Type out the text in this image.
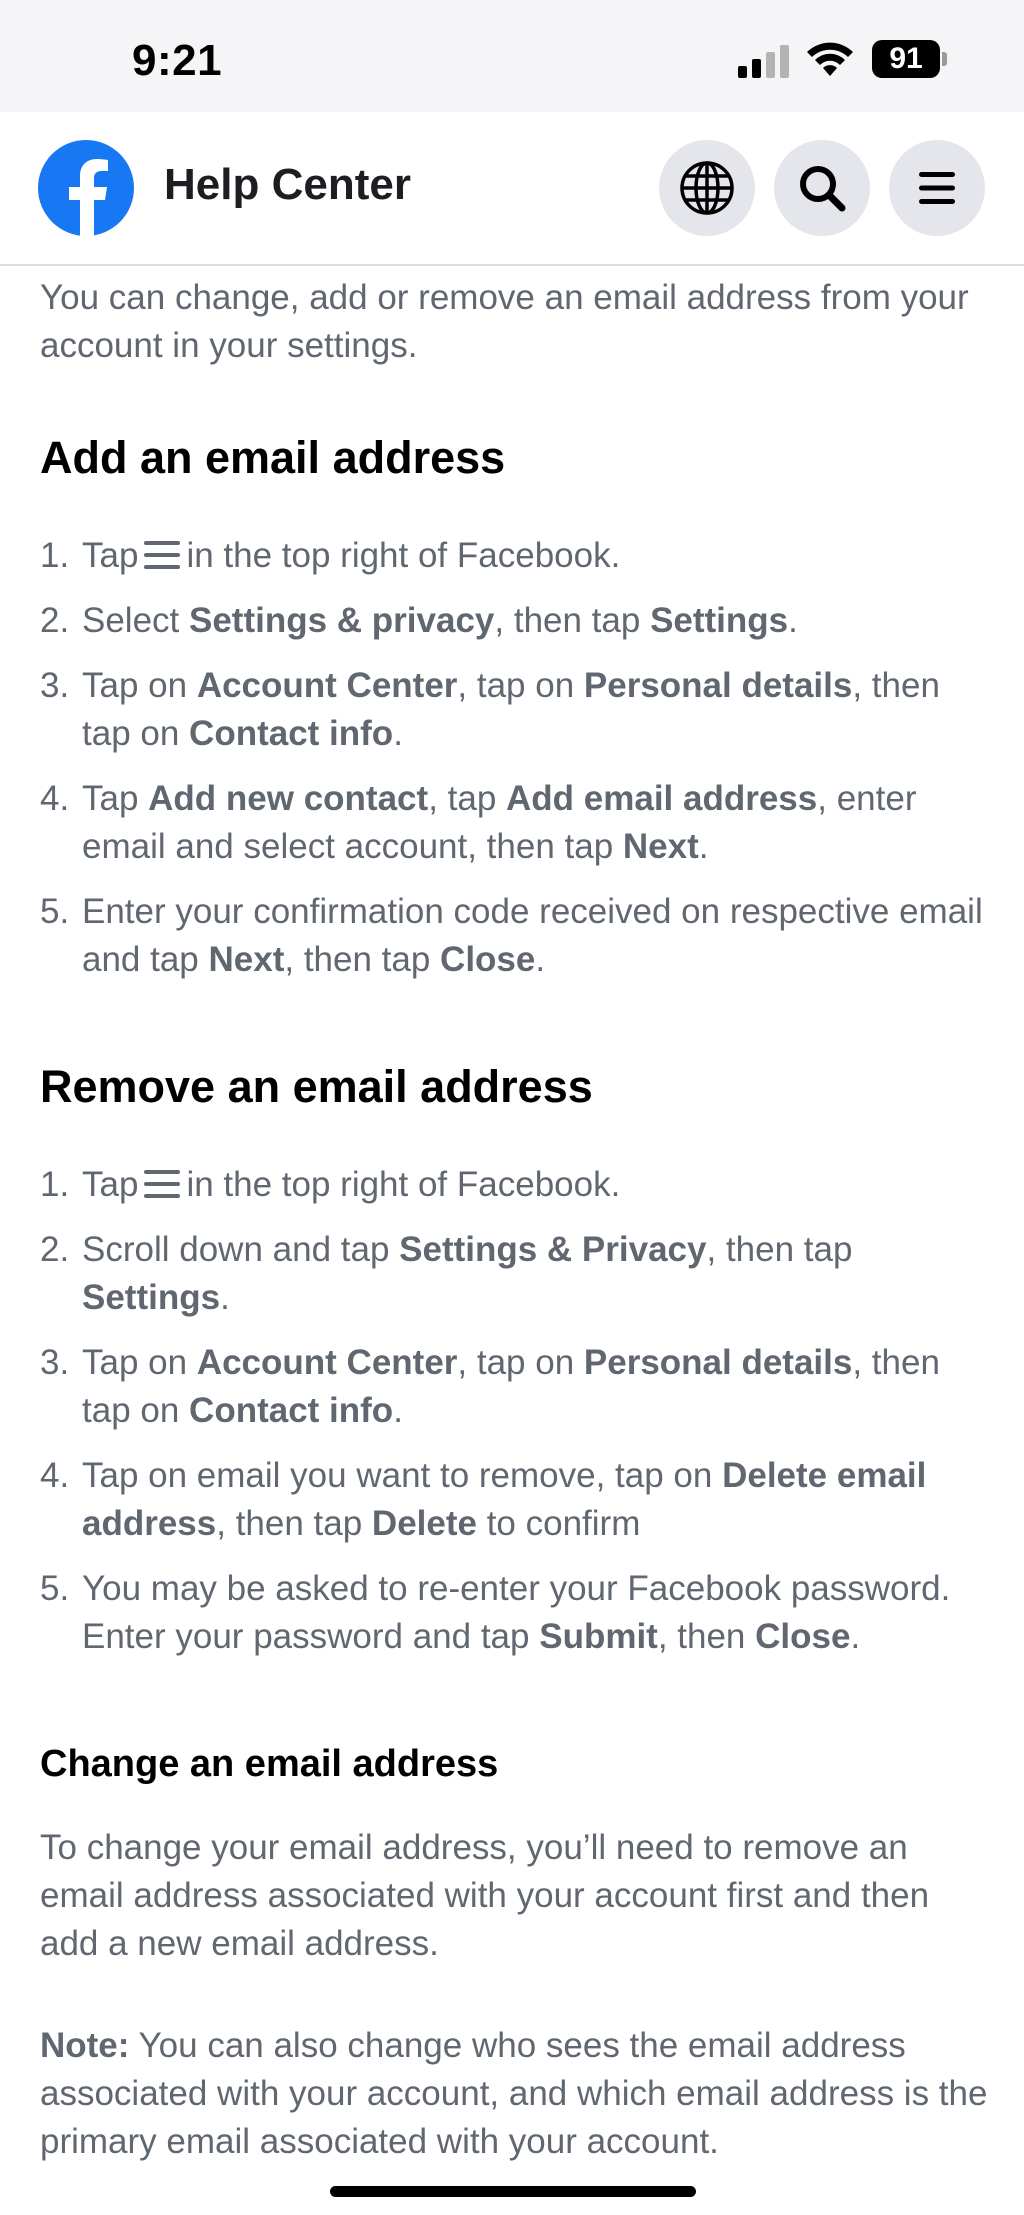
9:21	91
Help Center

You can change, add or remove an email address from your account in your settings.

Add an email address
1. Tap in the top right of Facebook.
2. Select Settings & privacy, then tap Settings.
3. Tap on Account Center, tap on Personal details, then tap on Contact info.
4. Tap Add new contact, tap Add email address, enter email and select account, then tap Next.
5. Enter your confirmation code received on respective email and tap Next, then tap Close.
Remove an email address
1. Tap in the top right of Facebook.
2. Scroll down and tap Settings & Privacy, then tap Settings.
3. Tap on Account Center, tap on Personal details, then tap on Contact info.
4. Tap on email you want to remove, tap on Delete email address, then tap Delete to confirm
5. You may be asked to re-enter your Facebook password. Enter your password and tap Submit, then Close.
Change an email address

To change your email address, you’ll need to remove an email address associated with your account first and then add a new email address.

Note: You can also change who sees the email address associated with your account, and which email address is the primary email associated with your account.
